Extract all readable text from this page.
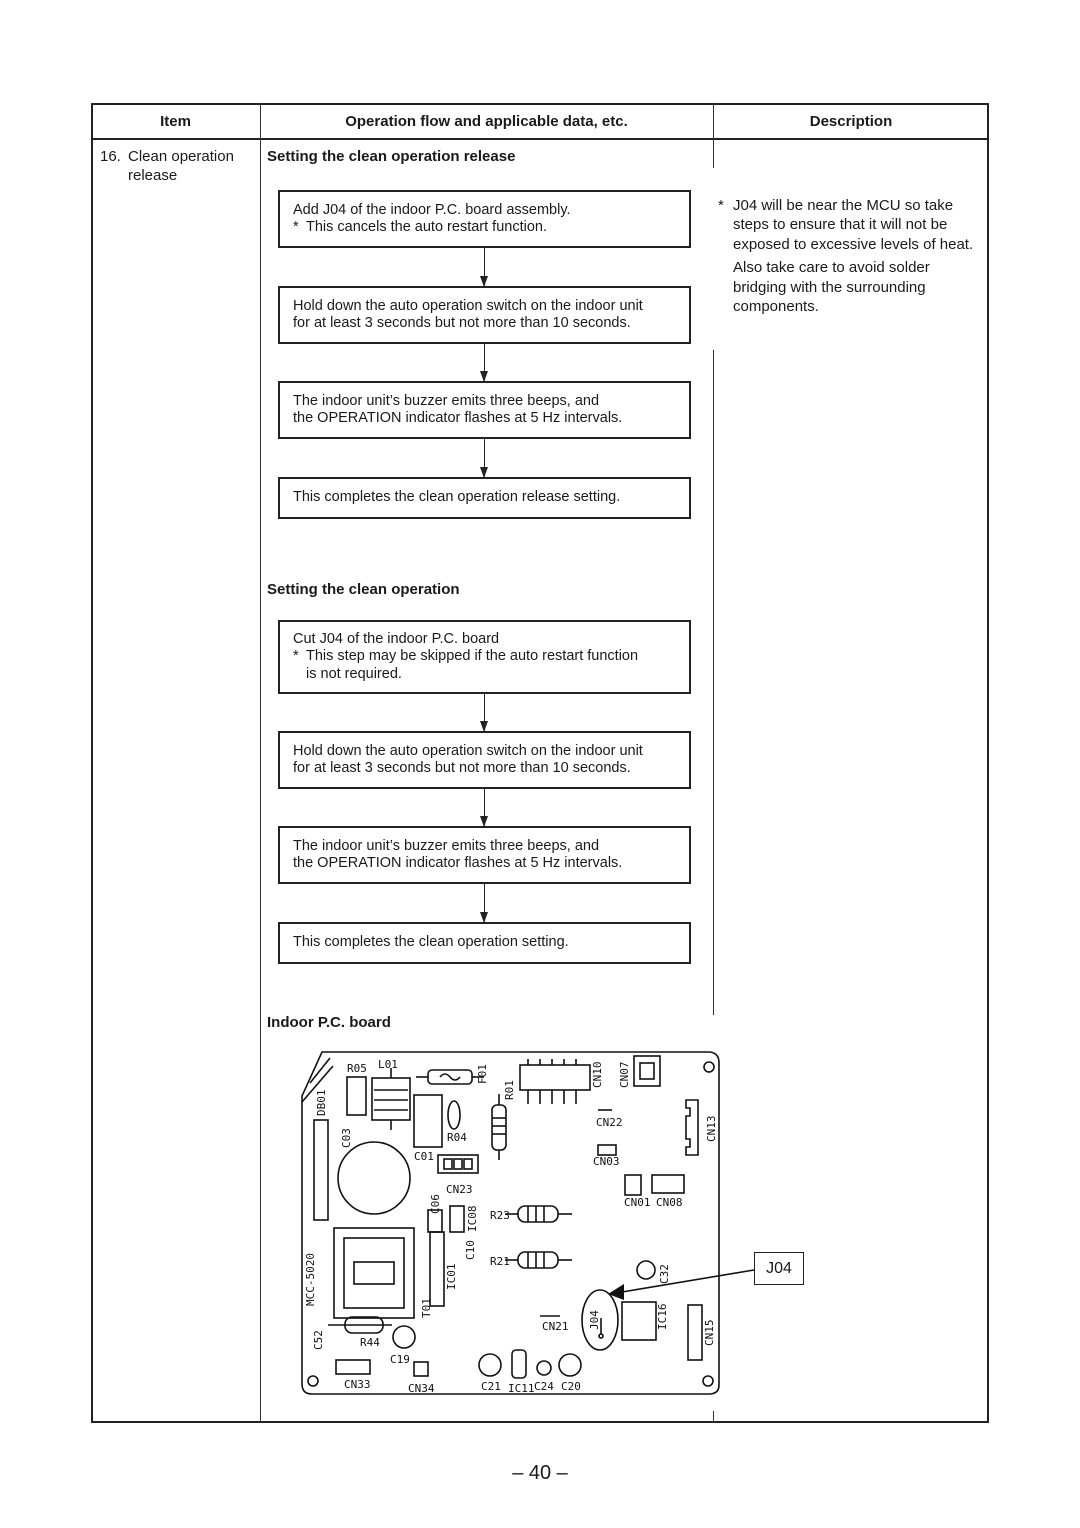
Item	Operation flow and applicable data, etc.	Description
16. Clean operation
release
Setting the clean operation release
Add J04 of the indoor P.C. board assembly.
* This cancels the auto restart function.
Hold down the auto operation switch on the indoor unit
for at least 3 seconds but not more than 10 seconds.
The indoor unit’s buzzer emits three beeps, and
the OPERATION indicator flashes at 5 Hz intervals.
This completes the clean operation release setting.
Setting the clean operation
Cut J04 of the indoor P.C. board
* This step may be skipped if the auto restart function
is not required.
Hold down the auto operation switch on the indoor unit
for at least 3 seconds but not more than 10 seconds.
The indoor unit’s buzzer emits three beeps, and
the OPERATION indicator flashes at 5 Hz intervals.
This completes the clean operation setting.
* J04 will be near the MCU so take steps to ensure that it will not be exposed to excessive levels of heat.
Also take care to avoid solder bridging with the surrounding components.
Indoor P.C. board
J04
R05 L01	F01
R01
CN10 CN07
DB01
C03	R04
C01
CN22	CN13
CN03
CN23
C06
IC08 R23
CN01 CN08
MCC-5020
C10
IC01
R21
C32
T01
J04	IC16
CN15
CN21
C52	R44
C19
CN33	CN34	C21 IC11 C24 C20
– 40 –
